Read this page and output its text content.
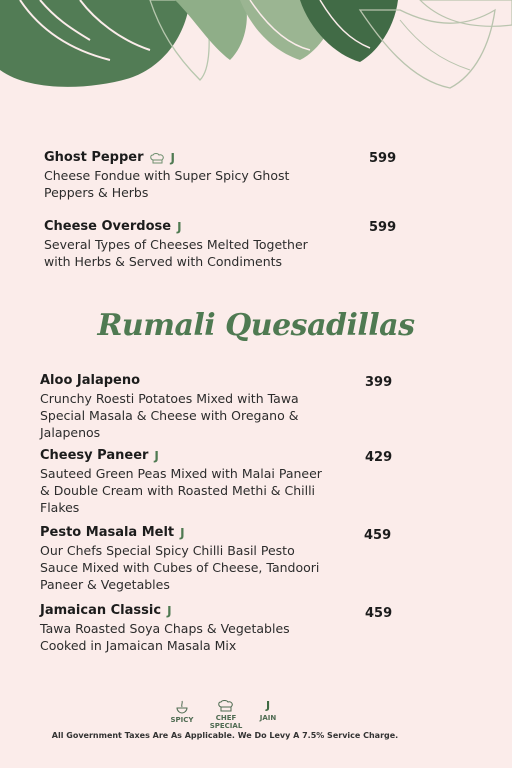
Ghost Pepper J
Cheese Fondue with Super Spicy Ghost
Peppers & Herbs
599
Cheese Overdose J
Several Types of Cheeses Melted Together
with Herbs & Served with Condiments
599
Rumali Quesadillas
Aloo Jalapeno
Crunchy Roesti Potatoes Mixed with Tawa
Special Masala & Cheese with Oregano &
Jalapenos
399
Cheesy Paneer J
Sauteed Green Peas Mixed with Malai Paneer
& Double Cream with Roasted Methi & Chilli
Flakes
429
Pesto Masala Melt J
Our Chefs Special Spicy Chilli Basil Pesto
Sauce Mixed with Cubes of Cheese, Tandoori
Paneer & Vegetables
459
Jamaican Classic J
Tawa Roasted Soya Chaps & Vegetables
Cooked in Jamaican Masala Mix
459
SPICY	CHEF SPECIAL
J
JAIN
All Government Taxes Are As Applicable. We Do Levy A 7.5% Service Charge.
